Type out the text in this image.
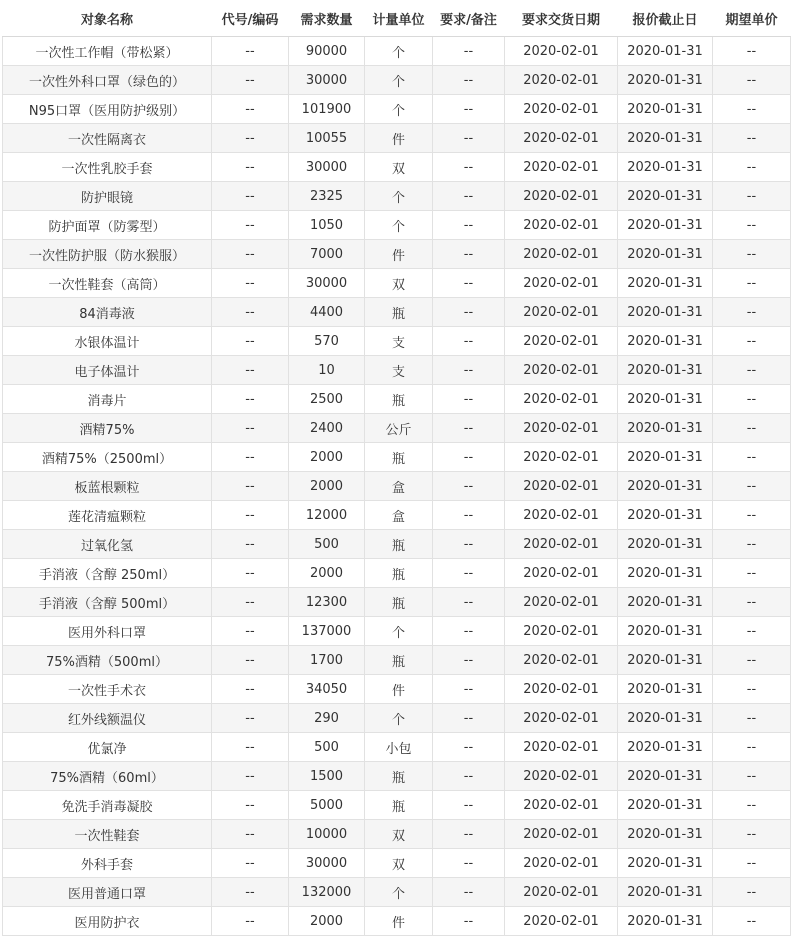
对象名称	代号/编码	需求数量	计量单位	要求/备注	要求交货日期	报价截止日	期望单价
一次性工作帽（带松紧）	--	90000	个	--	2020-02-01	2020-01-31	--
一次性外科口罩（绿色的）	--	30000	个	--	2020-02-01	2020-01-31	--
N95口罩（医用防护级别）	--	101900	个	--	2020-02-01	2020-01-31	--
一次性隔离衣	--	10055	件	--	2020-02-01	2020-01-31	--
一次性乳胶手套	--	30000	双	--	2020-02-01	2020-01-31	--
防护眼镜	--	2325	个	--	2020-02-01	2020-01-31	--
防护面罩（防雾型）	--	1050	个	--	2020-02-01	2020-01-31	--
一次性防护服（防水猴服）	--	7000	件	--	2020-02-01	2020-01-31	--
一次性鞋套（高筒）	--	30000	双	--	2020-02-01	2020-01-31	--
84消毒液	--	4400	瓶	--	2020-02-01	2020-01-31	--
水银体温计	--	570	支	--	2020-02-01	2020-01-31	--
电子体温计	--	10	支	--	2020-02-01	2020-01-31	--
消毒片	--	2500	瓶	--	2020-02-01	2020-01-31	--
酒精75%	--	2400	公斤	--	2020-02-01	2020-01-31	--
酒精75%（2500ml）	--	2000	瓶	--	2020-02-01	2020-01-31	--
板蓝根颗粒	--	2000	盒	--	2020-02-01	2020-01-31	--
莲花清瘟颗粒	--	12000	盒	--	2020-02-01	2020-01-31	--
过氧化氢	--	500	瓶	--	2020-02-01	2020-01-31	--
手消液（含醇 250ml）	--	2000	瓶	--	2020-02-01	2020-01-31	--
手消液（含醇 500ml）	--	12300	瓶	--	2020-02-01	2020-01-31	--
医用外科口罩	--	137000	个	--	2020-02-01	2020-01-31	--
75%酒精（500ml）	--	1700	瓶	--	2020-02-01	2020-01-31	--
一次性手术衣	--	34050	件	--	2020-02-01	2020-01-31	--
红外线额温仪	--	290	个	--	2020-02-01	2020-01-31	--
优氯净	--	500	小包	--	2020-02-01	2020-01-31	--
75%酒精（60ml）	--	1500	瓶	--	2020-02-01	2020-01-31	--
免洗手消毒凝胶	--	5000	瓶	--	2020-02-01	2020-01-31	--
一次性鞋套	--	10000	双	--	2020-02-01	2020-01-31	--
外科手套	--	30000	双	--	2020-02-01	2020-01-31	--
医用普通口罩	--	132000	个	--	2020-02-01	2020-01-31	--
医用防护衣	--	2000	件	--	2020-02-01	2020-01-31	--
